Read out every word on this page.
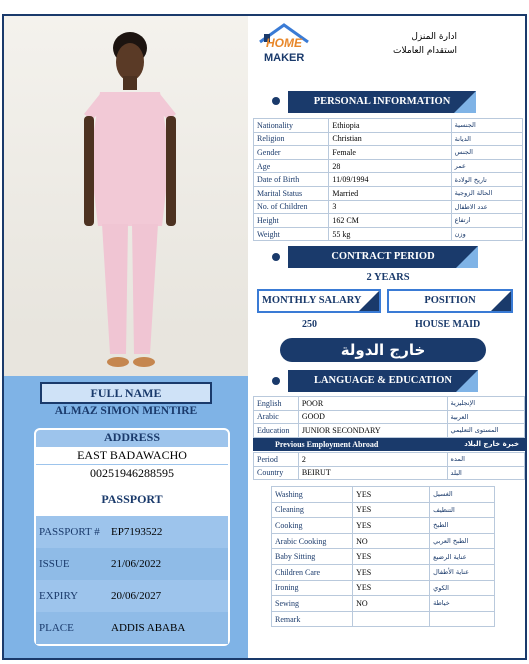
FULL NAME
ALMAZ SIMON MENTIRE
ADDRESS
EAST BADAWACHO
00251946288595
PASSPORT
PASSPORT # EP7193522
ISSUE	21/06/2022
EXPIRY	20/06/2027
PLACE	ADDIS ABABA
HOME
MAKER
ادارة المنزل
استقدام العاملات
PERSONAL INFORMATION
Nationality	Ethiopia	الجنسية
Religion	Christian	الديانة
Gender	Female	الجنس
Age	28	عمر
Date of Birth	11/09/1994	تاريخ الولادة
Marital Status	Married	الحالة الزوجية
No. of Children	3	عدد الاطفال
Height	162 CM	ارتفاع
Weight	55 kg	وزن
CONTRACT PERIOD
2 YEARS
MONTHLY SALARY	POSITION
250	HOUSE MAID
خارج الدولة
LANGUAGE & EDUCATION
English	POOR	الإنجليزية
Arabic	GOOD	العربية
Education	JUNIOR SECONDARY	المستوى التعليمي
Previous Employment Abroad	خبرة خارج البلاد
Period	2	المده
Country	BEIRUT	البلد
Washing	YES	الغسيل
Cleaning	YES	التنظيف
Cooking	YES	الطبخ
Arabic Cooking	NO	الطبخ العربي
Baby Sitting	YES	عناية الرضيع
Children Care	YES	عناية الأطفال
Ironing	YES	الكوي
Sewing	NO	خياطة
Remark		
